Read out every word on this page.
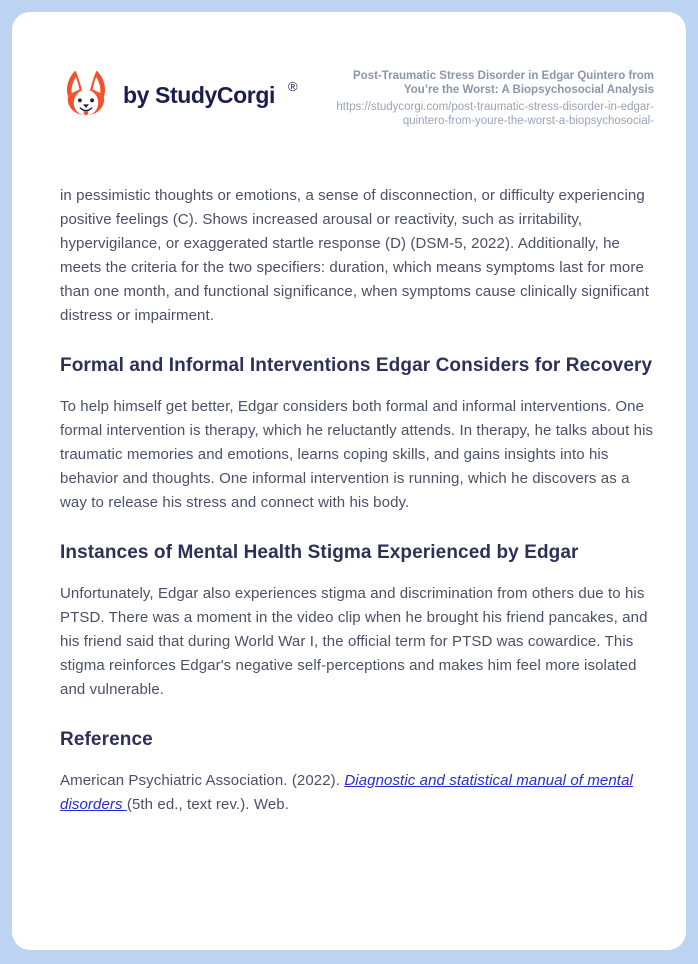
by StudyCorgi ®
Post-Traumatic Stress Disorder in Edgar Quintero from You’re the Worst: A Biopsychosocial Analysis
https://studycorgi.com/post-traumatic-stress-disorder-in-edgar-quintero-from-youre-the-worst-a-biopsychosocial-

in pessimistic thoughts or emotions, a sense of disconnection, or difficulty experiencing positive feelings (C). Shows increased arousal or reactivity, such as irritability, hypervigilance, or exaggerated startle response (D) (DSM-5, 2022). Additionally, he meets the criteria for the two specifiers: duration, which means symptoms last for more than one month, and functional significance, when symptoms cause clinically significant distress or impairment.

Formal and Informal Interventions Edgar Considers for Recovery

To help himself get better, Edgar considers both formal and informal interventions. One formal intervention is therapy, which he reluctantly attends. In therapy, he talks about his traumatic memories and emotions, learns coping skills, and gains insights into his behavior and thoughts. One informal intervention is running, which he discovers as a way to release his stress and connect with his body.

Instances of Mental Health Stigma Experienced by Edgar

Unfortunately, Edgar also experiences stigma and discrimination from others due to his PTSD. There was a moment in the video clip when he brought his friend pancakes, and his friend said that during World War I, the official term for PTSD was cowardice. This stigma reinforces Edgar's negative self-perceptions and makes him feel more isolated and vulnerable.

Reference

American Psychiatric Association. (2022). Diagnostic and statistical manual of mental disorders (5th ed., text rev.). Web.
